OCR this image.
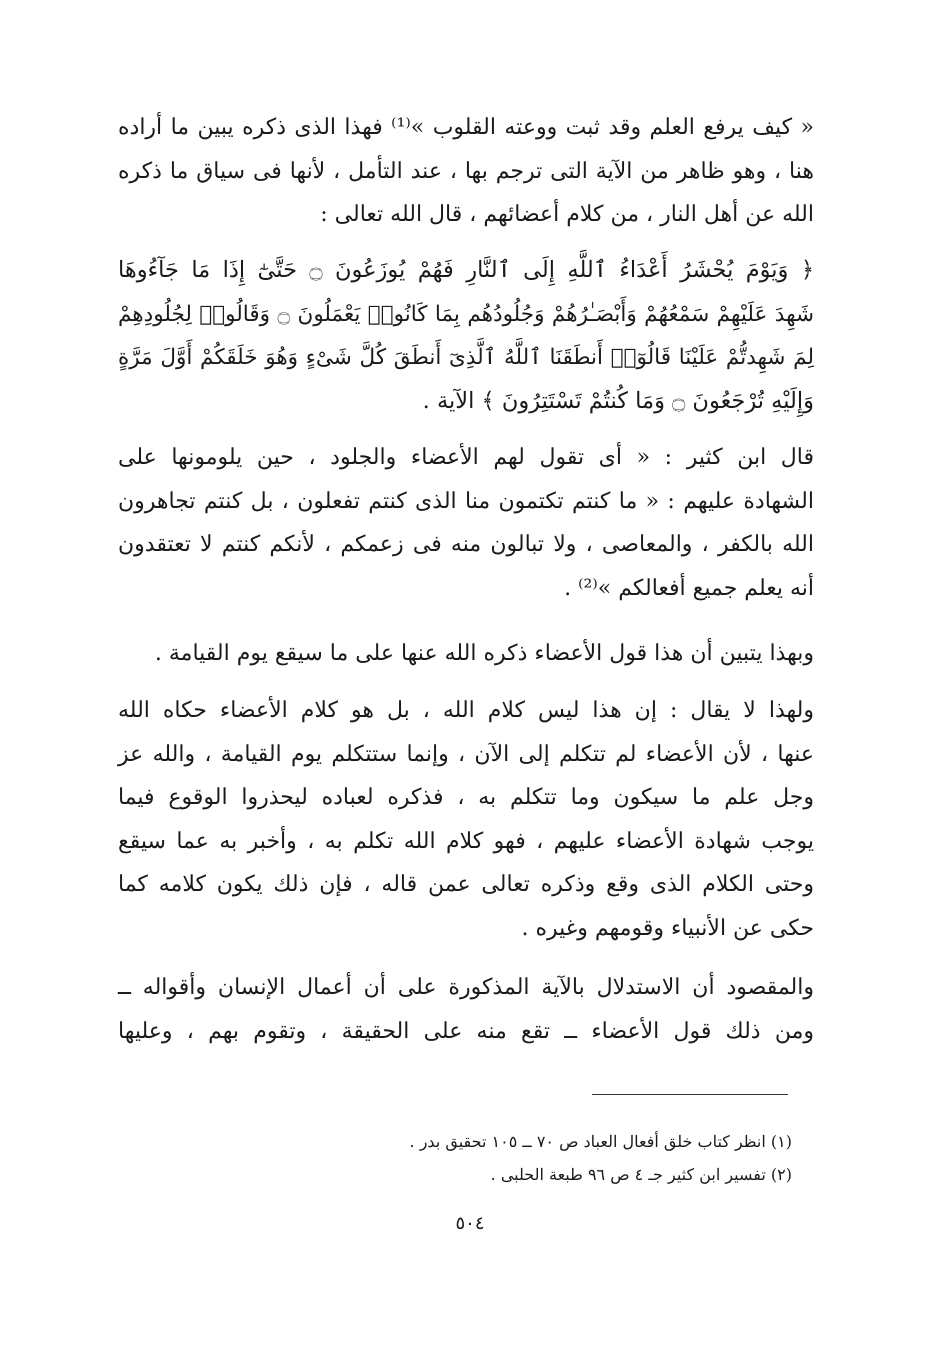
« كيف يرفع العلم وقد ثبت ووعته القلوب »⁽¹⁾ فهذا الذى ذكره يبين ما أراده
هنا ، وهو ظاهر من الآية التى ترجم بها ، عند التأمل ، لأنها فى سياق ما ذكره
الله عن أهل النار ، من كلام أعضائهم ، قال الله تعالى :
﴿ وَيَوْمَ يُحْشَرُ أَعْدَاءُ ٱللَّهِ إِلَى ٱلنَّارِ فَهُمْ يُوزَعُونَ ۝ حَتَّىٰٓ إِذَا مَا جَآءُوهَا
شَهِدَ عَلَيْهِمْ سَمْعُهُمْ وَأَبْصَـٰرُهُمْ وَجُلُودُهُم بِمَا كَانُوا۟ يَعْمَلُونَ ۝ وَقَالُوا۟ لِجُلُودِهِمْ
لِمَ شَهِدتُّمْ عَلَيْنَا قَالُوٓا۟ أَنطَقَنَا ٱللَّهُ ٱلَّذِىٓ أَنطَقَ كُلَّ شَىْءٍ وَهُوَ خَلَقَكُمْ أَوَّلَ مَرَّةٍ
وَإِلَيْهِ تُرْجَعُونَ ۝ وَمَا كُنتُمْ تَسْتَتِرُونَ ﴾ الآية .
قال ابن كثير : « أى تقول لهم الأعضاء والجلود ، حين يلومونها على
الشهادة عليهم : « ما كنتم تكتمون منا الذى كنتم تفعلون ، بل كنتم تجاهرون
الله بالكفر ، والمعاصى ، ولا تبالون منه فى زعمكم ، لأنكم كنتم لا تعتقدون
أنه يعلم جميع أفعالكم »⁽²⁾ .
وبهذا يتبين أن هذا قول الأعضاء ذكره الله عنها على ما سيقع يوم القيامة .
ولهذا لا يقال : إن هذا ليس كلام الله ، بل هو كلام الأعضاء حكاه الله
عنها ، لأن الأعضاء لم تتكلم إلى الآن ، وإنما ستتكلم يوم القيامة ، والله عز
وجل علم ما سيكون وما تتكلم به ، فذكره لعباده ليحذروا الوقوع فيما
يوجب شهادة الأعضاء عليهم ، فهو كلام الله تكلم به ، وأخبر به عما سيقع
وحتى الكلام الذى وقع وذكره تعالى عمن قاله ، فإن ذلك يكون كلامه كما
حكى عن الأنبياء وقومهم وغيره .
والمقصود أن الاستدلال بالآية المذكورة على أن أعمال الإنسان وأقواله ــ
ومن ذلك قول الأعضاء ــ تقع منه على الحقيقة ، وتقوم بهم ، وعليها
(١) انظر كتاب خلق أفعال العباد ص ٧٠ ــ ١٠٥ تحقيق بدر .
(٢) تفسير ابن كثير جـ ٤ ص ٩٦ طبعة الحلبى .
٥٠٤
